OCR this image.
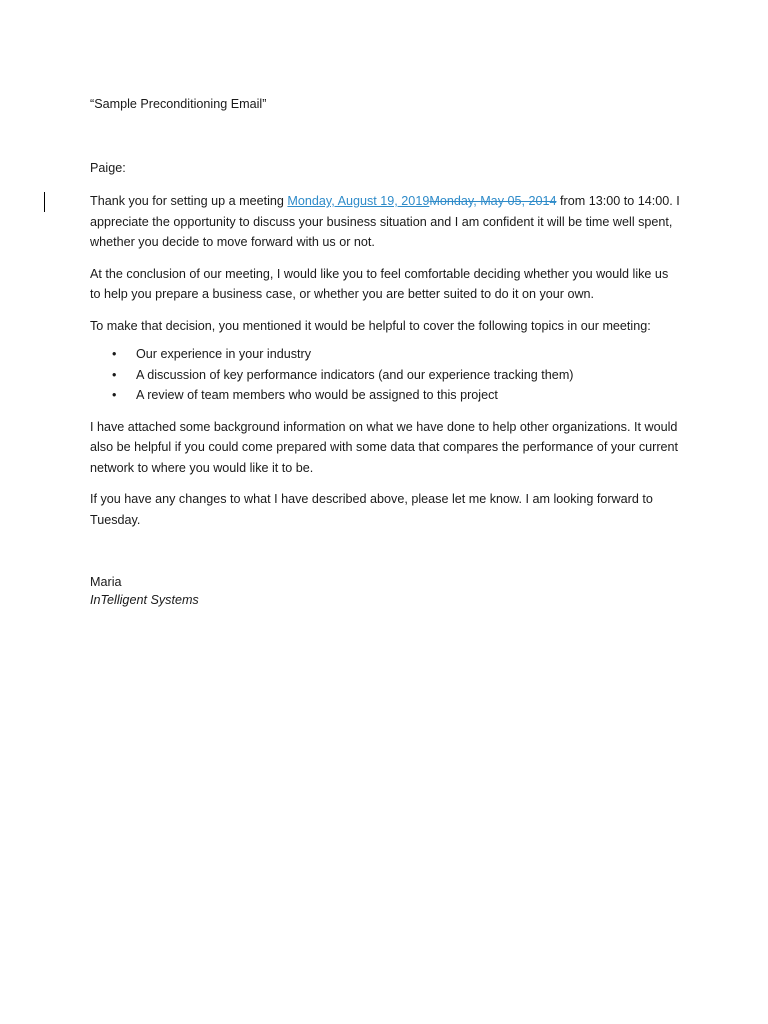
“Sample Preconditioning Email”

Paige:

Thank you for setting up a meeting Monday, August 19, 2019Monday, May 05, 2014 from 13:00 to 14:00. I appreciate the opportunity to discuss your business situation and I am confident it will be time well spent, whether you decide to move forward with us or not.

At the conclusion of our meeting, I would like you to feel comfortable deciding whether you would like us to help you prepare a business case, or whether you are better suited to do it on your own.

To make that decision, you mentioned it would be helpful to cover the following topics in our meeting:

• Our experience in your industry
• A discussion of key performance indicators (and our experience tracking them)
• A review of team members who would be assigned to this project

I have attached some background information on what we have done to help other organizations. It would also be helpful if you could come prepared with some data that compares the performance of your current network to where you would like it to be.

If you have any changes to what I have described above, please let me know. I am looking forward to Tuesday.

Maria

InTelligent Systems
